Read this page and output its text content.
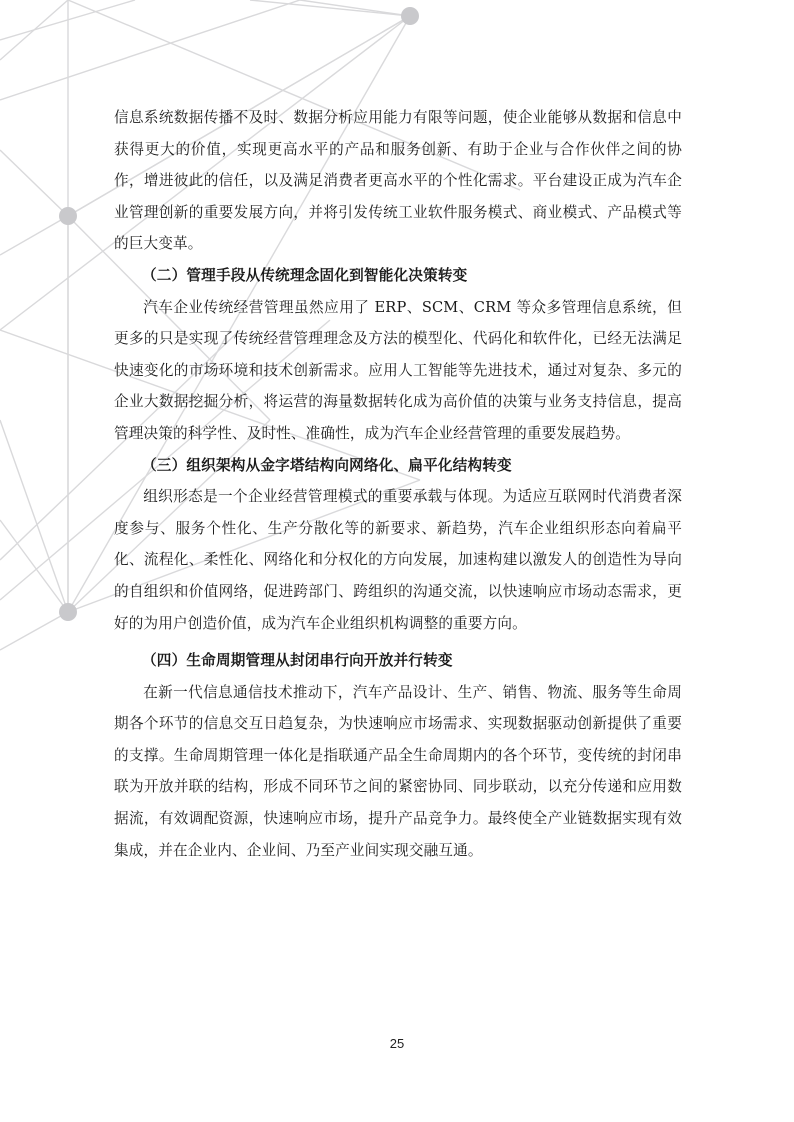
信息系统数据传播不及时、数据分析应用能力有限等问题，使企业能够从数据和信息中获得更大的价值，实现更高水平的产品和服务创新、有助于企业与合作伙伴之间的协作，增进彼此的信任，以及满足消费者更高水平的个性化需求。平台建设正成为汽车企业管理创新的重要发展方向，并将引发传统工业软件服务模式、商业模式、产品模式等的巨大变革。

（二）管理手段从传统理念固化到智能化决策转变

汽车企业传统经营管理虽然应用了 ERP、SCM、CRM 等众多管理信息系统，但更多的只是实现了传统经营管理理念及方法的模型化、代码化和软件化，已经无法满足快速变化的市场环境和技术创新需求。应用人工智能等先进技术，通过对复杂、多元的企业大数据挖掘分析，将运营的海量数据转化成为高价值的决策与业务支持信息，提高管理决策的科学性、及时性、准确性，成为汽车企业经营管理的重要发展趋势。

（三）组织架构从金字塔结构向网络化、扁平化结构转变

组织形态是一个企业经营管理模式的重要承载与体现。为适应互联网时代消费者深度参与、服务个性化、生产分散化等的新要求、新趋势，汽车企业组织形态向着扁平化、流程化、柔性化、网络化和分权化的方向发展，加速构建以激发人的创造性为导向的自组织和价值网络，促进跨部门、跨组织的沟通交流，以快速响应市场动态需求，更好的为用户创造价值，成为汽车企业组织机构调整的重要方向。

（四）生命周期管理从封闭串行向开放并行转变

在新一代信息通信技术推动下，汽车产品设计、生产、销售、物流、服务等生命周期各个环节的信息交互日趋复杂，为快速响应市场需求、实现数据驱动创新提供了重要的支撑。生命周期管理一体化是指联通产品全生命周期内的各个环节，变传统的封闭串联为开放并联的结构，形成不同环节之间的紧密协同、同步联动，以充分传递和应用数据流，有效调配资源，快速响应市场，提升产品竞争力。最终使全产业链数据实现有效集成，并在企业内、企业间、乃至产业间实现交融互通。

25
